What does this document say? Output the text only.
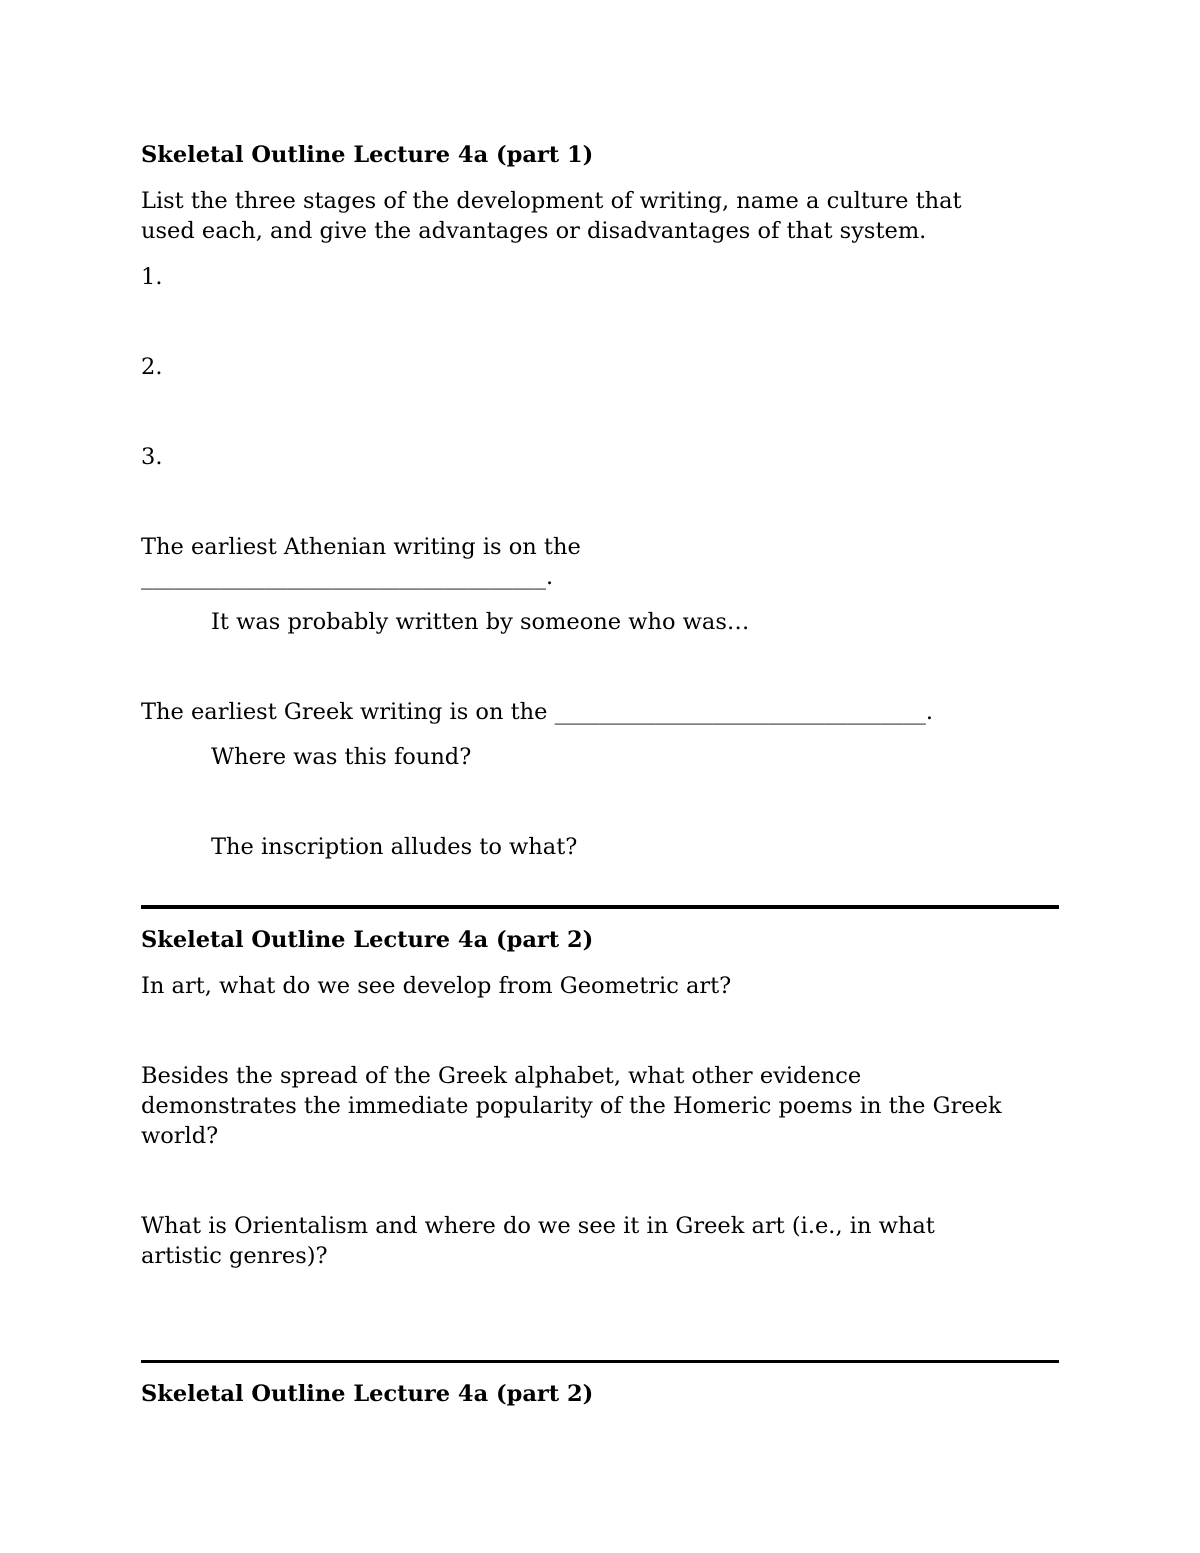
Skeletal Outline Lecture 4a (part 1)
List the three stages of the development of writing, name a culture that
used each, and give the advantages or disadvantages of that system.
1.
2.
3.
The earliest Athenian writing is on the
____________________________________.
It was probably written by someone who was…
The earliest Greek writing is on the _________________________________.
Where was this found?
The inscription alludes to what?
Skeletal Outline Lecture 4a (part 2)
In art, what do we see develop from Geometric art?
Besides the spread of the Greek alphabet, what other evidence
demonstrates the immediate popularity of the Homeric poems in the Greek
world?
What is Orientalism and where do we see it in Greek art (i.e., in what
artistic genres)?
Skeletal Outline Lecture 4a (part 2)
